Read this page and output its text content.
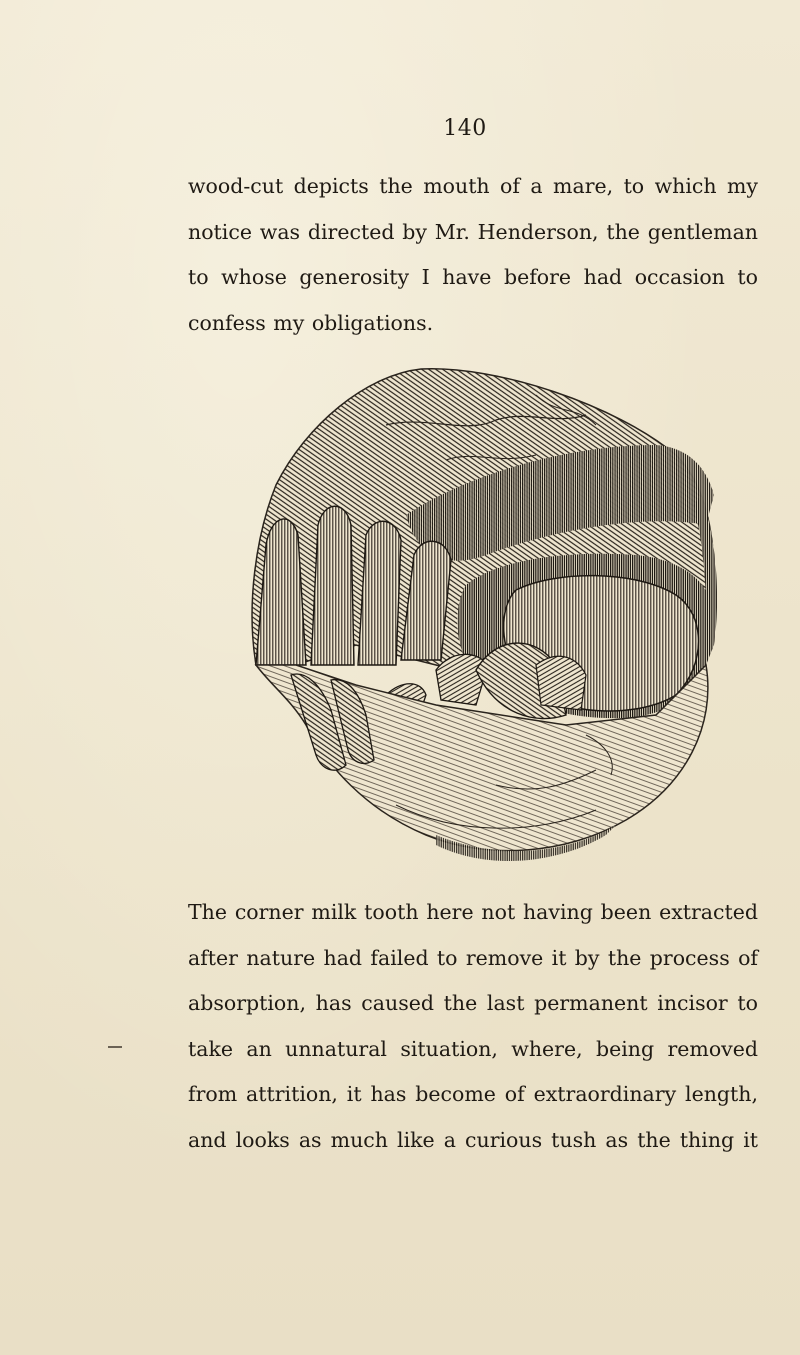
140
wood-cut depicts the mouth of a mare, to which my
notice was directed by Mr. Henderson, the gentleman
to whose generosity I have before had occasion to
confess my obligations.
The corner milk tooth here not having been extracted
after nature had failed to remove it by the process of
absorption, has caused the last permanent incisor to
take an unnatural situation, where, being removed
from attrition, it has become of extraordinary length,
and looks as much like a curious tush as the thing it
